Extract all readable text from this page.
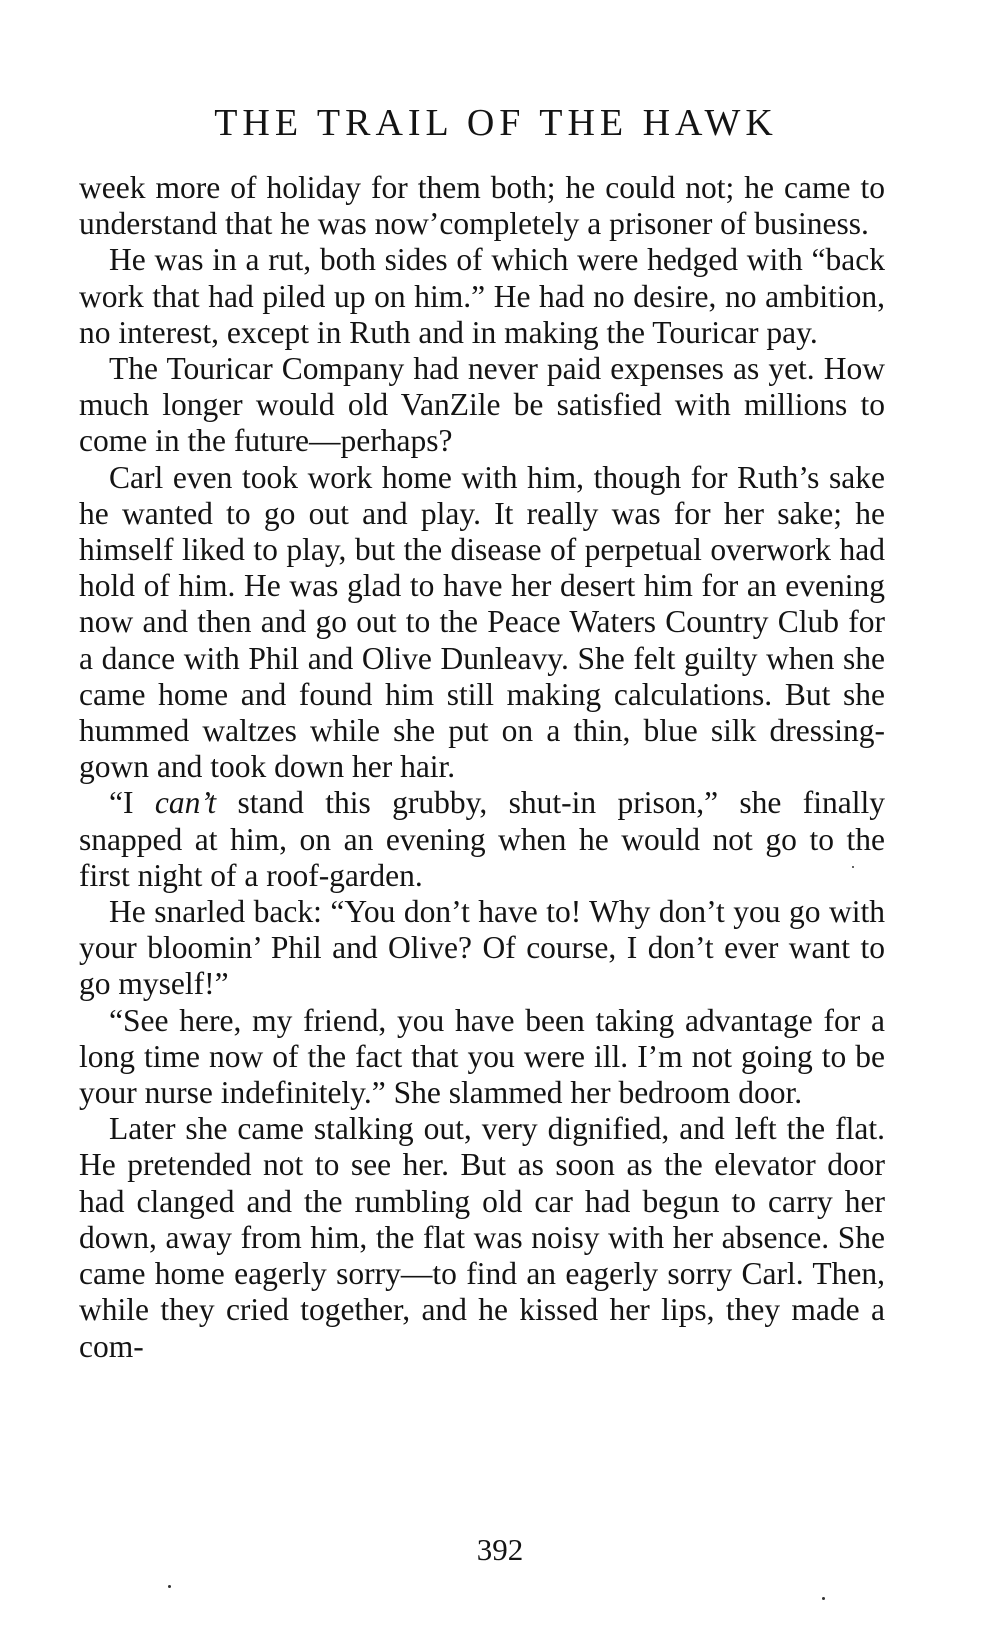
THE TRAIL OF THE HAWK

week more of holiday for them both; he could not; he came to understand that he was now’completely a prisoner of business.

He was in a rut, both sides of which were hedged with “back work that had piled up on him.” He had no desire, no ambition, no interest, except in Ruth and in making the Touricar pay.

The Touricar Company had never paid expenses as yet. How much longer would old VanZile be satisfied with millions to come in the future—perhaps?

Carl even took work home with him, though for Ruth’s sake he wanted to go out and play. It really was for her sake; he himself liked to play, but the disease of perpetual overwork had hold of him. He was glad to have her desert him for an evening now and then and go out to the Peace Waters Country Club for a dance with Phil and Olive Dunleavy. She felt guilty when she came home and found him still making calculations. But she hummed waltzes while she put on a thin, blue silk dressing-gown and took down her hair.

“I can’t stand this grubby, shut-in prison,” she finally snapped at him, on an evening when he would not go to the first night of a roof-garden.

He snarled back: “You don’t have to! Why don’t you go with your bloomin’ Phil and Olive? Of course, I don’t ever want to go myself!”

“See here, my friend, you have been taking advantage for a long time now of the fact that you were ill. I’m not going to be your nurse indefinitely.” She slammed her bedroom door.

Later she came stalking out, very dignified, and left the flat. He pretended not to see her. But as soon as the elevator door had clanged and the rumbling old car had begun to carry her down, away from him, the flat was noisy with her absence. She came home eagerly sorry—to find an eagerly sorry Carl. Then, while they cried together, and he kissed her lips, they made a com-

392
